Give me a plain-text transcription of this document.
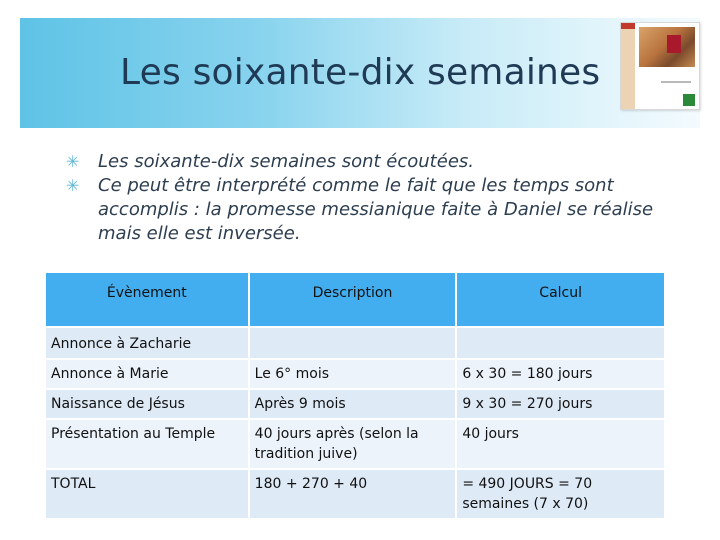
Les soixante-dix semaines
✳ Les soixante-dix semaines sont écoutées.
✳ Ce peut être interprété comme le fait que les temps sont accomplis : la promesse messianique faite à Daniel se réalise mais elle est inversée.
Évènement	Description	Calcul
Annonce à Zacharie		
Annonce à Marie	Le 6° mois	6 x 30 = 180 jours
Naissance de Jésus	Après 9 mois	9 x 30 = 270 jours
Présentation au Temple	40 jours après (selon la tradition juive)	40 jours
TOTAL	180 + 270 + 40	= 490 JOURS = 70 semaines (7 x 70)
